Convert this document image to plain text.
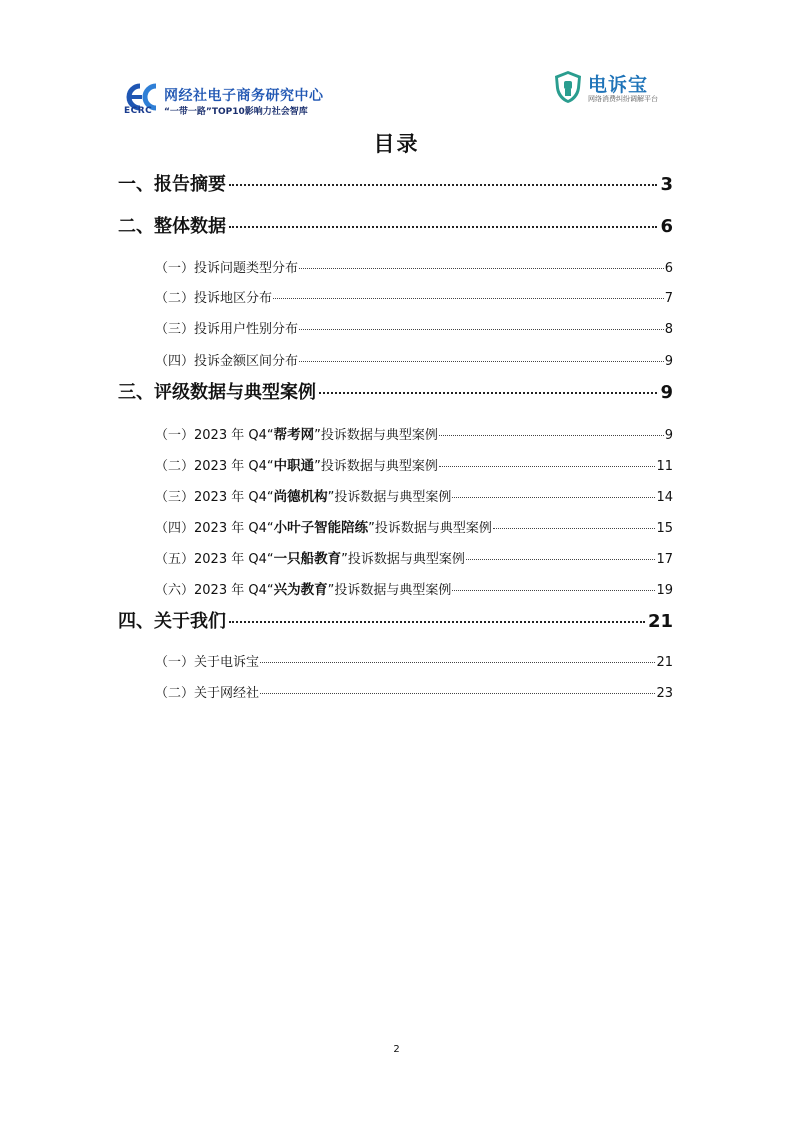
ECRC
网经社电子商务研究中心
“一带一路”TOP10影响力社会智库
电诉宝
网络消费纠纷调解平台
目录
一、报告摘要	3
二、整体数据	6
（一）投诉问题类型分布	6
（二）投诉地区分布	7
（三）投诉用户性别分布	8
（四）投诉金额区间分布	9
三、评级数据与典型案例	9
（一）2023 年 Q4“帮考网”投诉数据与典型案例	9
（二）2023 年 Q4“中职通”投诉数据与典型案例	11
（三）2023 年 Q4“尚德机构”投诉数据与典型案例	14
（四）2023 年 Q4“小叶子智能陪练”投诉数据与典型案例	15
（五）2023 年 Q4“一只船教育”投诉数据与典型案例	17
（六）2023 年 Q4“兴为教育”投诉数据与典型案例	19
四、关于我们	21
（一）关于电诉宝	21
（二）关于网经社	23
2
